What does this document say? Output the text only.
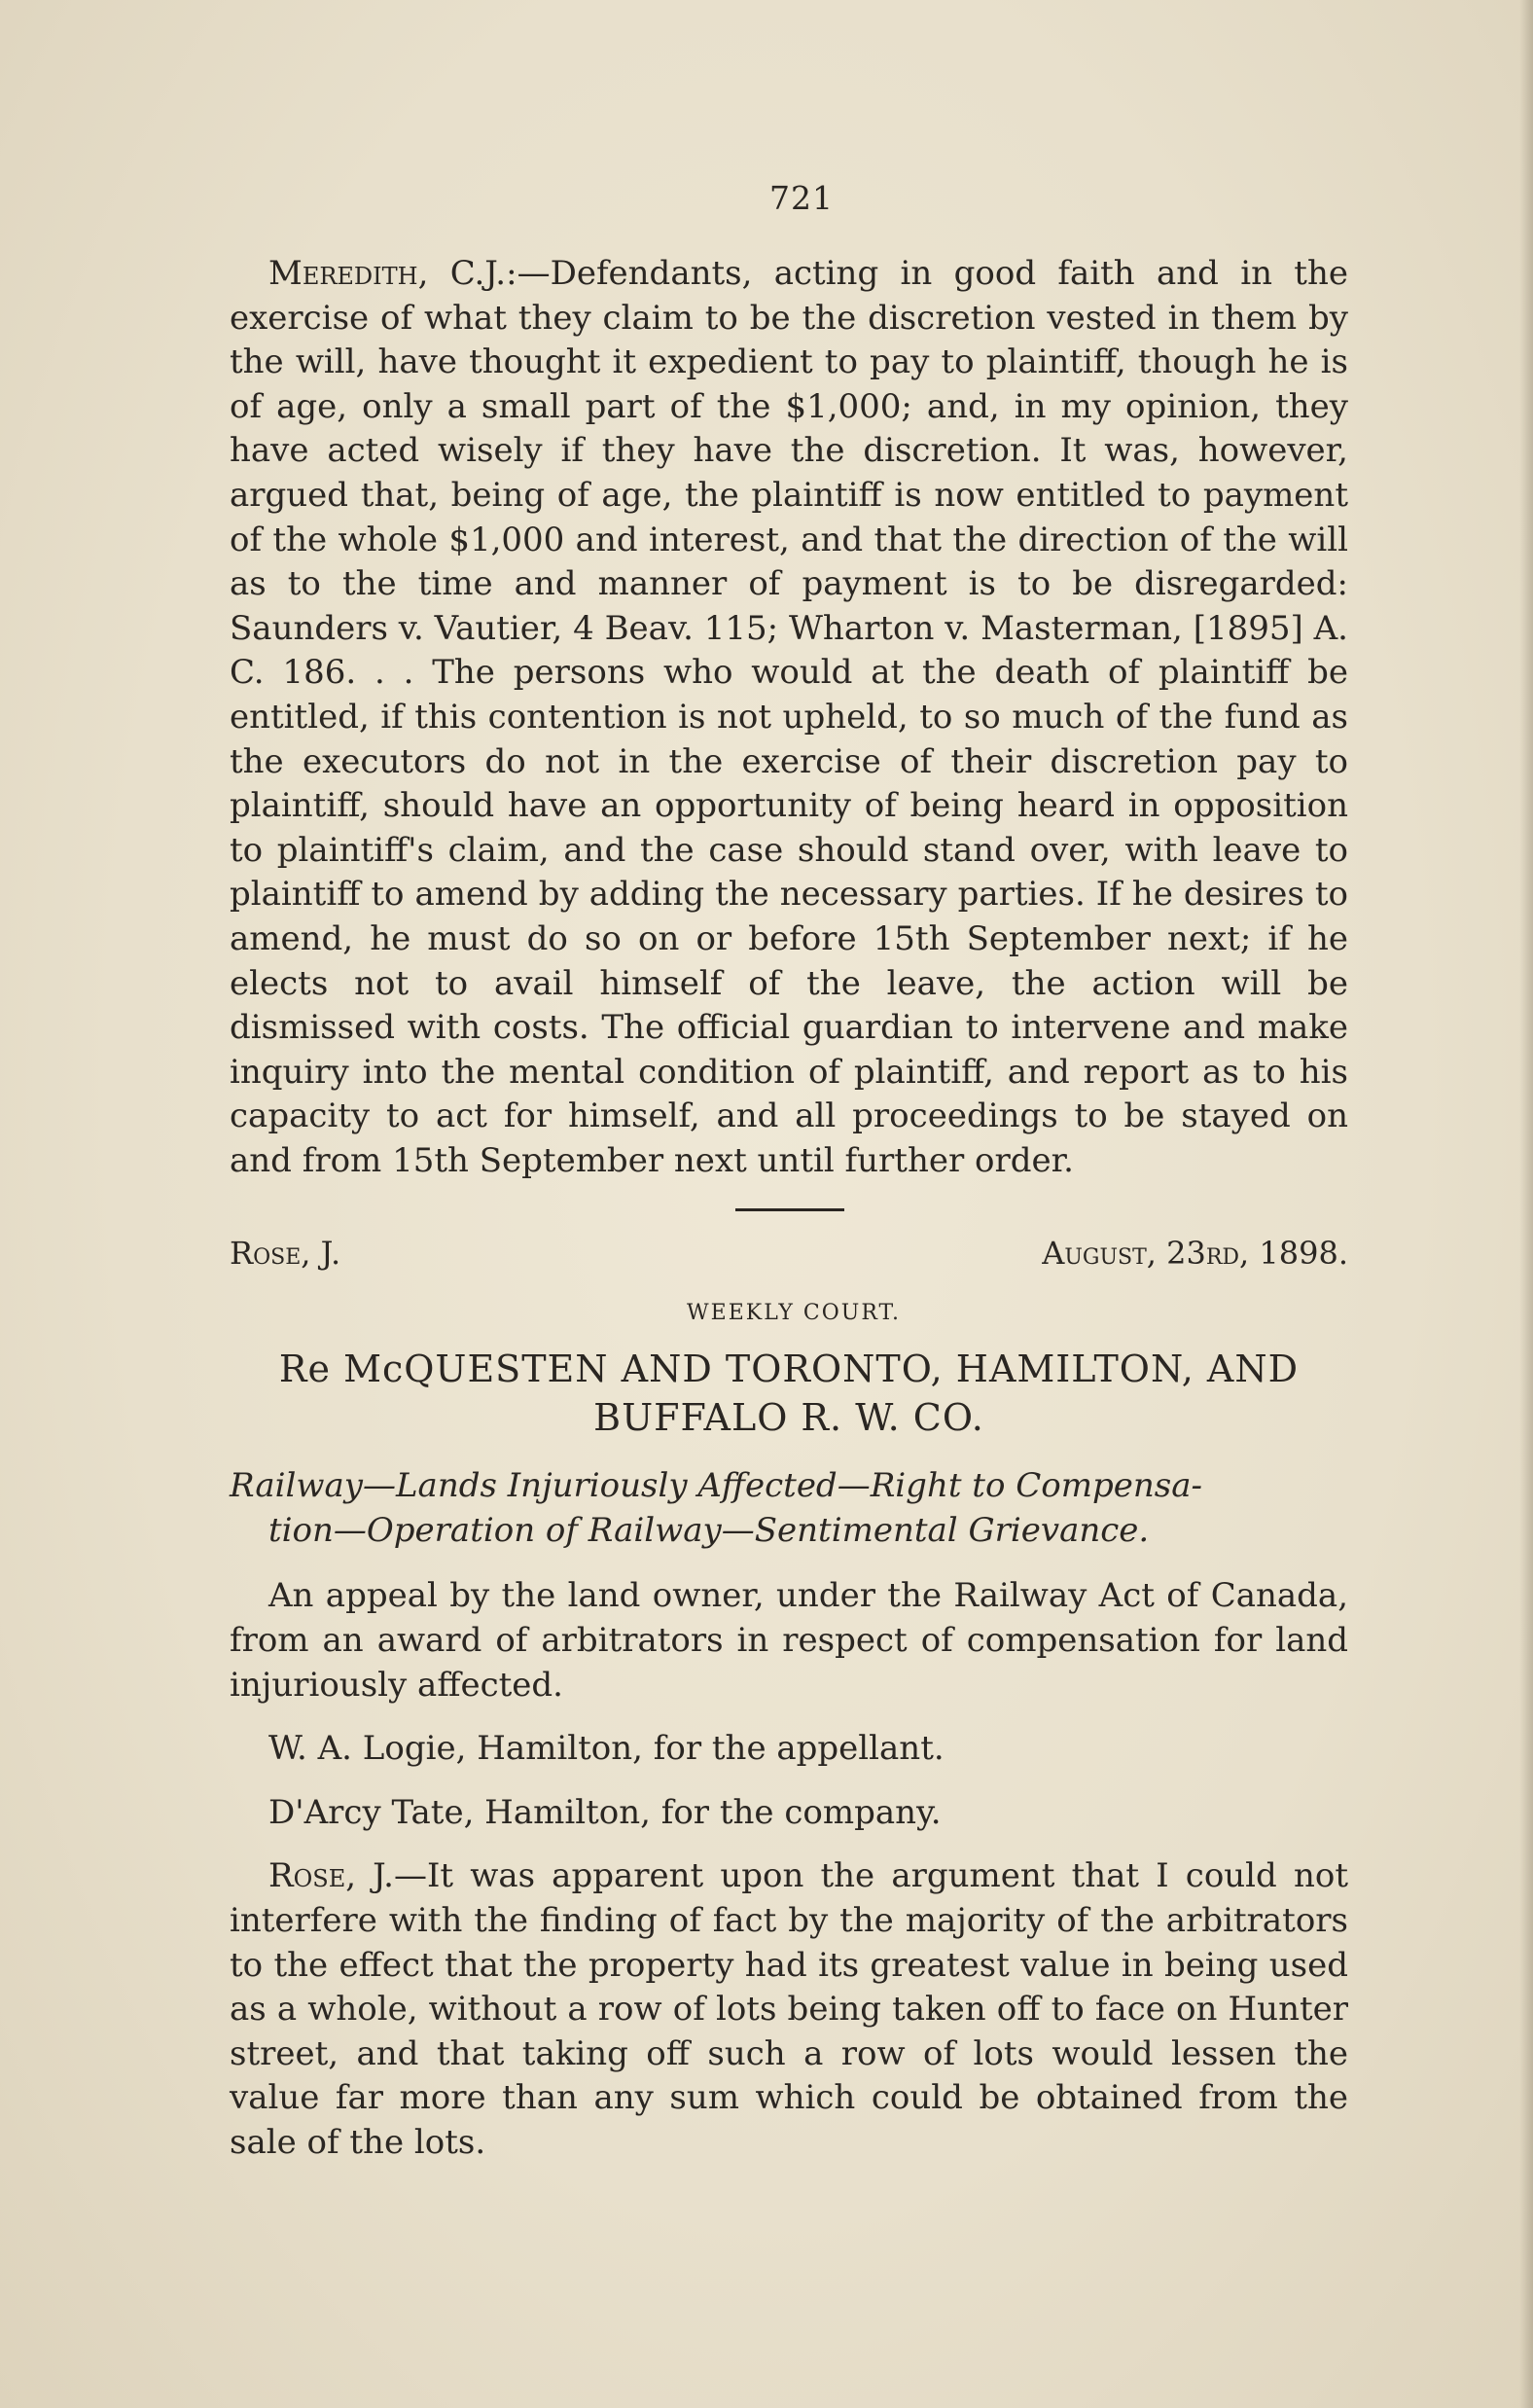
721

Meredith, C.J.:—Defendants, acting in good faith and in the exercise of what they claim to be the discretion vested in them by the will, have thought it expedient to pay to plaintiff, though he is of age, only a small part of the $1,000; and, in my opinion, they have acted wisely if they have the discretion. It was, however, argued that, being of age, the plaintiff is now entitled to payment of the whole $1,000 and interest, and that the direction of the will as to the time and manner of payment is to be disregarded: Saunders v. Vautier, 4 Beav. 115; Wharton v. Masterman, [1895] A. C. 186. . . The persons who would at the death of plaintiff be entitled, if this contention is not upheld, to so much of the fund as the executors do not in the exercise of their discretion pay to plaintiff, should have an opportunity of being heard in opposition to plaintiff's claim, and the case should stand over, with leave to plaintiff to amend by adding the necessary parties. If he desires to amend, he must do so on or before 15th September next; if he elects not to avail himself of the leave, the action will be dismissed with costs. The official guardian to intervene and make inquiry into the mental condition of plaintiff, and report as to his capacity to act for himself, and all proceedings to be stayed on and from 15th September next until further order.

Rose, J.	August, 23rd, 1898.
WEEKLY COURT.
Re McQUESTEN AND TORONTO, HAMILTON, AND
BUFFALO R. W. CO.
Railway—Lands Injuriously Affected—Right to Compensa-
tion—Operation of Railway—Sentimental Grievance.

An appeal by the land owner, under the Railway Act of Canada, from an award of arbitrators in respect of compensation for land injuriously affected.

W. A. Logie, Hamilton, for the appellant.

D'Arcy Tate, Hamilton, for the company.

Rose, J.—It was apparent upon the argument that I could not interfere with the finding of fact by the majority of the arbitrators to the effect that the property had its greatest value in being used as a whole, without a row of lots being taken off to face on Hunter street, and that taking off such a row of lots would lessen the value far more than any sum which could be obtained from the sale of the lots.
